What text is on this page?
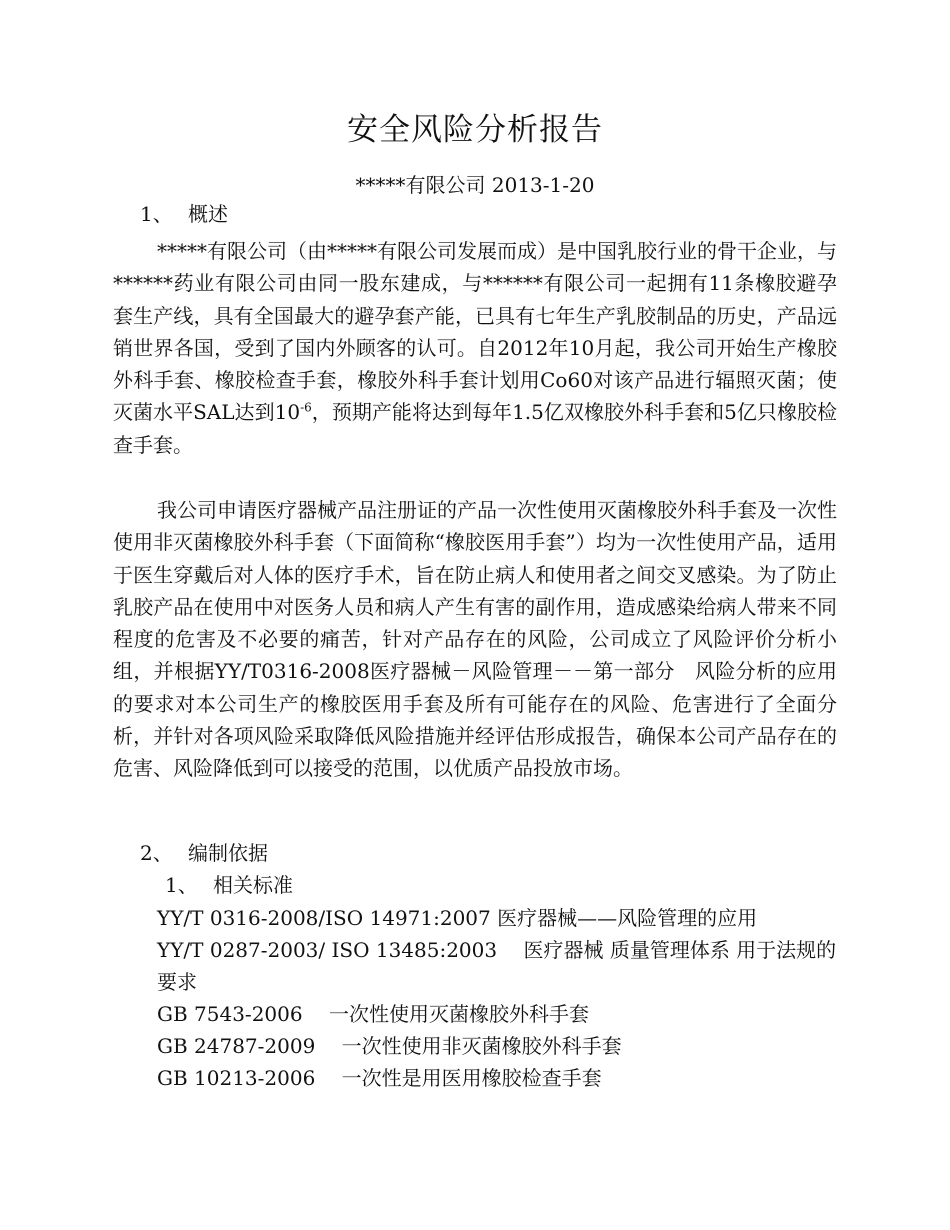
安全风险分析报告
*****有限公司 2013-1-20
1、 概述

*****有限公司（由*****有限公司发展而成）是中国乳胶行业的骨干企业，与******药业有限公司由同一股东建成，与******有限公司一起拥有11条橡胶避孕套生产线，具有全国最大的避孕套产能，已具有七年生产乳胶制品的历史，产品远销世界各国，受到了国内外顾客的认可。自2012年10月起，我公司开始生产橡胶外科手套、橡胶检查手套，橡胶外科手套计划用Co60对该产品进行辐照灭菌；使灭菌水平SAL达到$10^{-6}$，预期产能将达到每年1.5亿双橡胶外科手套和5亿只橡胶检查手套。

我公司申请医疗器械产品注册证的产品一次性使用灭菌橡胶外科手套及一次性使用非灭菌橡胶外科手套（下面简称“橡胶医用手套”）均为一次性使用产品，适用于医生穿戴后对人体的医疗手术，旨在防止病人和使用者之间交叉感染。为了防止乳胶产品在使用中对医务人员和病人产生有害的副作用，造成感染给病人带来不同程度的危害及不必要的痛苦，针对产品存在的风险，公司成立了风险评价分析小组，并根据YY/T0316-2008医疗器械－风险管理－－第一部分　风险分析的应用的要求对本公司生产的橡胶医用手套及所有可能存在的风险、危害进行了全面分析，并针对各项风险采取降低风险措施并经评估形成报告，确保本公司产品存在的危害、风险降低到可以接受的范围，以优质产品投放市场。

2、 编制依据
1、 相关标准
YY/T 0316-2008/ISO 14971:2007 医疗器械——风险管理的应用
YY/T 0287-2003/ ISO 13485:2003　 医疗器械 质量管理体系 用于法规的要求
GB 7543-2006　 一次性使用灭菌橡胶外科手套
GB 24787-2009　 一次性使用非灭菌橡胶外科手套
GB 10213-2006　 一次性是用医用橡胶检查手套
